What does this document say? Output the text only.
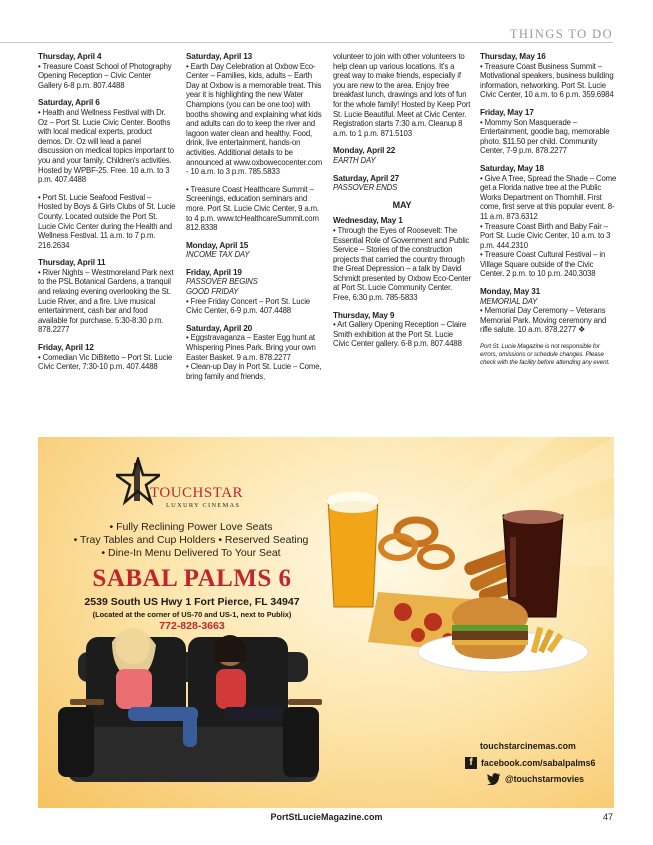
THINGS TO DO
Thursday, April 4
• Treasure Coast School of Photography Opening Reception – Civic Center Gallery 6-8 p.m. 807.4488
Saturday, April 6
• Health and Wellness Festival with Dr. Oz – Port St. Lucie Civic Center. Booths with local medical experts, product demos. Dr. Oz will lead a panel discussion on medical topics important to you and your family. Children's activities. Hosted by WPBF-25. Free. 10 a.m. to 3 p.m. 407.4488
• Port St. Lucie Seafood Festival – Hosted by Boys & Girls Clubs of St. Lucie County. Located outside the Port St. Lucie Civic Center during the Health and Wellness Festival. 11 a.m. to 7 p.m. 216.2634
Thursday, April 11
• River Nights – Westmoreland Park next to the PSL Botanical Gardens, a tranquil and relaxing evening overlooking the St. Lucie River, and a fire. Live musical entertainment, cash bar and food available for purchase. 5:30-8:30 p.m. 878.2277
Friday, April 12
• Comedian Vic DiBitetto – Port St. Lucie Civic Center, 7:30-10 p.m. 407.4488
Saturday, April 13
• Earth Day Celebration at Oxbow Eco-Center – Families, kids, adults – Earth Day at Oxbow is a memorable treat. This year it is highlighting the new Water Champions (you can be one too) with booths showing and explaining what kids and adults can do to keep the river and lagoon water clean and healthy. Food, drink, live entertainment, hands-on activities. Additional details to be announced at www.oxbowecocenter.com - 10 a.m. to 3 p.m. 785.5833
• Treasure Coast Healthcare Summit – Screenings, education seminars and more. Port St. Lucie Civic Center, 9 a.m. to 4 p.m. www.tcHealthcareSummit.com 812.8338
Monday, April 15
INCOME TAX DAY
Friday, April 19
PASSOVER BEGINS
GOOD FRIDAY
• Free Friday Concert – Port St. Lucie Civic Center, 6-9 p.m. 407.4488
Saturday, April 20
• Eggstravaganza – Easter Egg hunt at Whispering Pines Park. Bring your own Easter Basket. 9 a.m. 878.2277
• Clean-up Day in Port St. Lucie – Come, bring family and friends,
volunteer to join with other volunteers to help clean up various locations. It's a great way to make friends, especially if you are new to the area. Enjoy free breakfast lunch, drawings and lots of fun for the whole family! Hosted by Keep Port St. Lucie Beautiful. Meet at Civic Center. Registration starts 7:30 a.m. Cleanup 8 a.m. to 1 p.m. 871.5103
Monday, April 22
EARTH DAY
Saturday, April 27
PASSOVER ENDS
MAY
Wednesday, May 1
• Through the Eyes of Roosevelt: The Essential Role of Government and Public Service – Stories of the construction projects that carried the country through the Great Depression – a talk by David Schmidt presented by Oxbow Eco-Center at Port St. Lucie Community Center. Free, 6:30 p.m. 785-5833
Thursday, May 9
• Art Gallery Opening Reception – Claire Smith exhibition at the Port St. Lucie Civic Center gallery. 6-8 p.m. 807.4488
Thursday, May 16
• Treasure Coast Business Summit – Motivational speakers, business building information, networking. Port St. Lucie Civic Center, 10 a.m. to 6 p.m. 359.6984
Friday, May 17
• Mommy Son Masquerade – Entertainment, goodie bag, memorable photo. $11.50 per child. Community Center, 7-9 p.m. 878.2277
Saturday, May 18
• Give A Tree, Spread the Shade – Come get a Florida native tree at the Public Works Department on Thornhill. First come, first serve at this popular event. 8-11 a.m. 873.6312
• Treasure Coast Birth and Baby Fair – Port St. Lucie Civic Center, 10 a.m. to 3 p.m. 444.2310
• Treasure Coast Cultural Festival – in Village Square outside of the Civic Center. 2 p.m. to 10 p.m. 240.3038
Monday, May 31
MEMORIAL DAY
• Memorial Day Ceremony – Veterans Memorial Park. Moving ceremony and rifle salute. 10 a.m. 878.2277 ❖
Port St. Lucie Magazine is not responsible for errors, omissions or schedule changes. Please check with the facility before attending any event.
TOUCHSTAR
LUXURY CINEMAS
• Fully Reclining Power Love Seats
• Tray Tables and Cup Holders • Reserved Seating
• Dine-In Menu Delivered To Your Seat
SABAL PALMS 6
2539 South US Hwy 1 Fort Pierce, FL 34947
(Located at the corner of US-70 and US-1, next to Publix)
772-828-3663
touchstarcinemas.com
f facebook.com/sabalpalms6
@touchstarmovies
PortStLucieMagazine.com	47
